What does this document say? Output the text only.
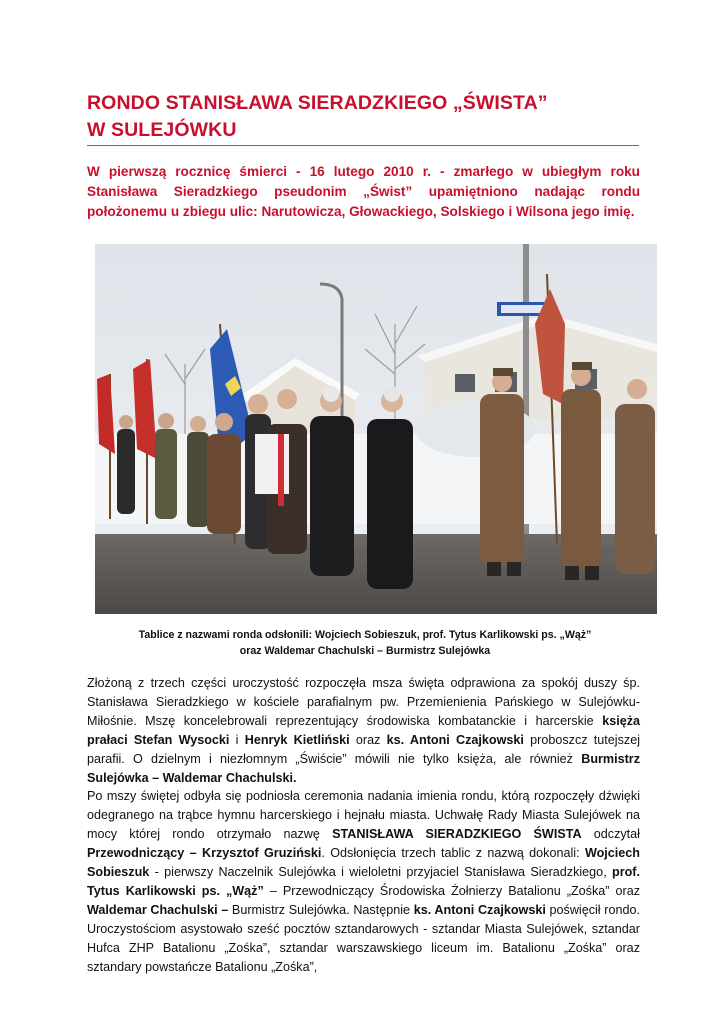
RONDO STANISŁAWA SIERADZKIEGO „ŚWISTA”
W SULEJÓWKU
W pierwszą rocznicę śmierci - 16 lutego 2010 r. - zmarłego w ubiegłym roku Stanisława Sieradzkiego pseudonim „Świst” upamiętniono nadając rondu położonemu u zbiegu ulic: Narutowicza, Głowackiego, Solskiego i Wilsona jego imię.
Tablice z nazwami ronda odsłonili: Wojciech Sobieszuk, prof. Tytus Karlikowski ps. „Wąż”
oraz Waldemar Chachulski – Burmistrz Sulejówka
Złożoną z trzech części uroczystość rozpoczęła msza święta odprawiona za spokój duszy śp. Stanisława Sieradzkiego w kościele parafialnym pw. Przemienienia Pańskiego w Sulejówku-Miłośnie. Mszę koncelebrowali reprezentujący środowiska kombatanckie i harcerskie księża prałaci Stefan Wysocki i Henryk Kietliński oraz ks. Antoni Czajkowski proboszcz tutejszej parafii. O dzielnym i niezłomnym „Świście” mówili nie tylko księża, ale również Burmistrz Sulejówka – Waldemar Chachulski.
Po mszy świętej odbyła się podniosła ceremonia nadania imienia rondu, którą rozpoczęły dźwięki odegranego na trąbce hymnu harcerskiego i hejnału miasta. Uchwałę Rady Miasta Sulejówek na mocy której rondo otrzymało nazwę STANISŁAWA SIERADZKIEGO ŚWISTA odczytał Przewodniczący – Krzysztof Gruziński. Odsłonięcia trzech tablic z nazwą dokonali: Wojciech Sobieszuk - pierwszy Naczelnik Sulejówka i wieloletni przyjaciel Stanisława Sieradzkiego, prof. Tytus Karlikowski ps. „Wąż” – Przewodniczący Środowiska Żołnierzy Batalionu „Zośka” oraz Waldemar Chachulski – Burmistrz Sulejówka. Następnie ks. Antoni Czajkowski poświęcił rondo. Uroczystościom asystowało sześć pocztów sztandarowych - sztandar Miasta Sulejówek, sztandar Hufca ZHP Batalionu „Zośka”, sztandar warszawskiego liceum im. Batalionu „Zośka” oraz sztandary powstańcze Batalionu „Zośka”,
